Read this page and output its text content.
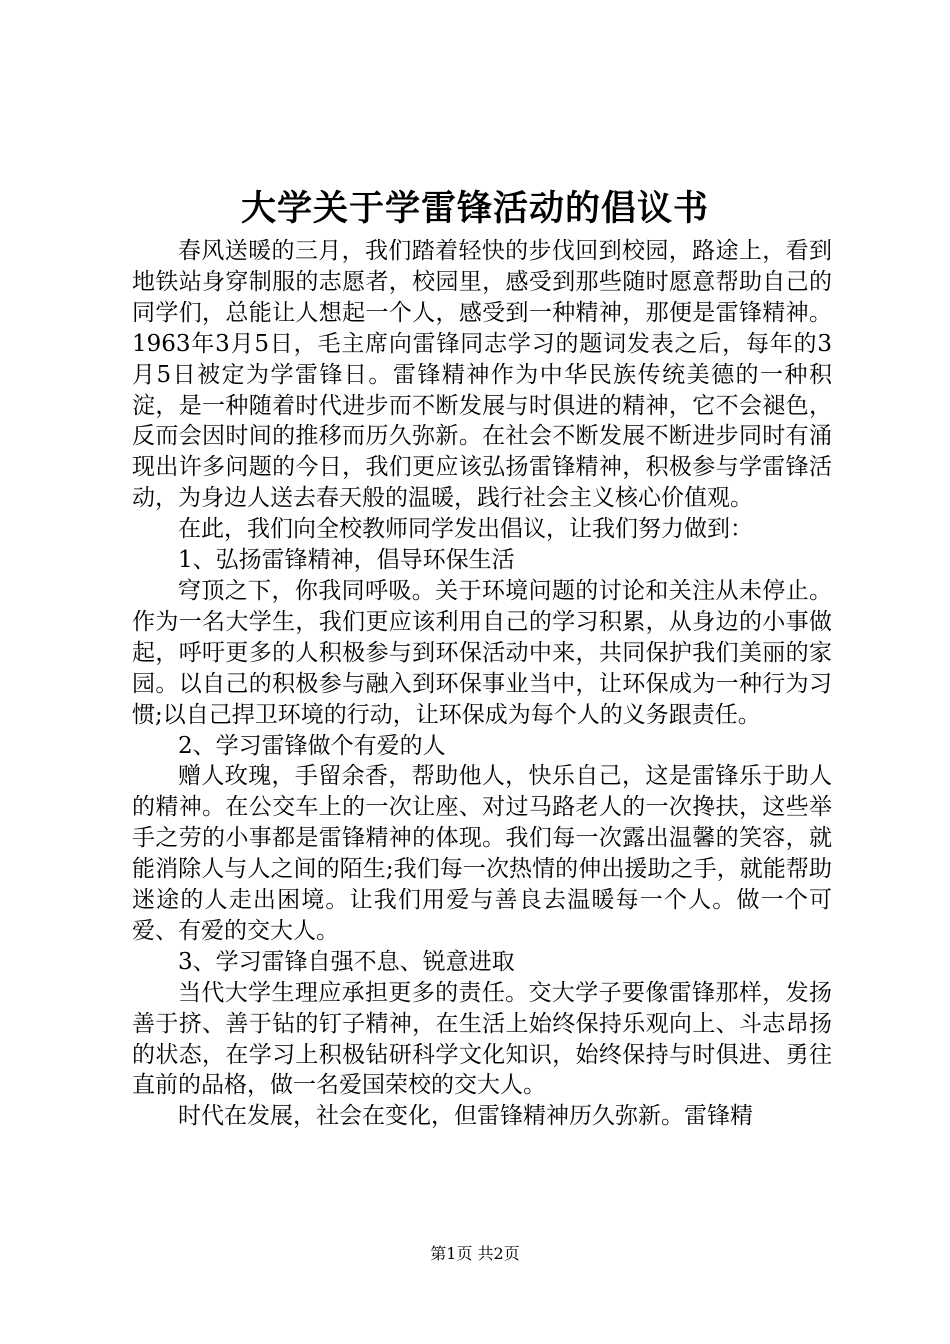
大学关于学雷锋活动的倡议书

春风送暖的三月，我们踏着轻快的步伐回到校园，路途上，看到地铁站身穿制服的志愿者，校园里，感受到那些随时愿意帮助自己的同学们，总能让人想起一个人，感受到一种精神，那便是雷锋精神。1963年3月5日，毛主席向雷锋同志学习的题词发表之后，每年的3月5日被定为学雷锋日。雷锋精神作为中华民族传统美德的一种积淀，是一种随着时代进步而不断发展与时俱进的精神，它不会褪色，反而会因时间的推移而历久弥新。在社会不断发展不断进步同时有涌现出许多问题的今日，我们更应该弘扬雷锋精神，积极参与学雷锋活动，为身边人送去春天般的温暖，践行社会主义核心价值观。

在此，我们向全校教师同学发出倡议，让我们努力做到：

1、弘扬雷锋精神，倡导环保生活

穹顶之下，你我同呼吸。关于环境问题的讨论和关注从未停止。作为一名大学生，我们更应该利用自己的学习积累，从身边的小事做起，呼吁更多的人积极参与到环保活动中来，共同保护我们美丽的家园。以自己的积极参与融入到环保事业当中，让环保成为一种行为习惯;以自己捍卫环境的行动，让环保成为每个人的义务跟责任。

2、学习雷锋做个有爱的人

赠人玫瑰，手留余香，帮助他人，快乐自己，这是雷锋乐于助人的精神。在公交车上的一次让座、对过马路老人的一次搀扶，这些举手之劳的小事都是雷锋精神的体现。我们每一次露出温馨的笑容，就能消除人与人之间的陌生;我们每一次热情的伸出援助之手，就能帮助迷途的人走出困境。让我们用爱与善良去温暖每一个人。做一个可爱、有爱的交大人。

3、学习雷锋自强不息、锐意进取

当代大学生理应承担更多的责任。交大学子要像雷锋那样，发扬善于挤、善于钻的钉子精神，在生活上始终保持乐观向上、斗志昂扬的状态，在学习上积极钻研科学文化知识，始终保持与时俱进、勇往直前的品格，做一名爱国荣校的交大人。

时代在发展，社会在变化，但雷锋精神历久弥新。雷锋精

第1页 共2页
